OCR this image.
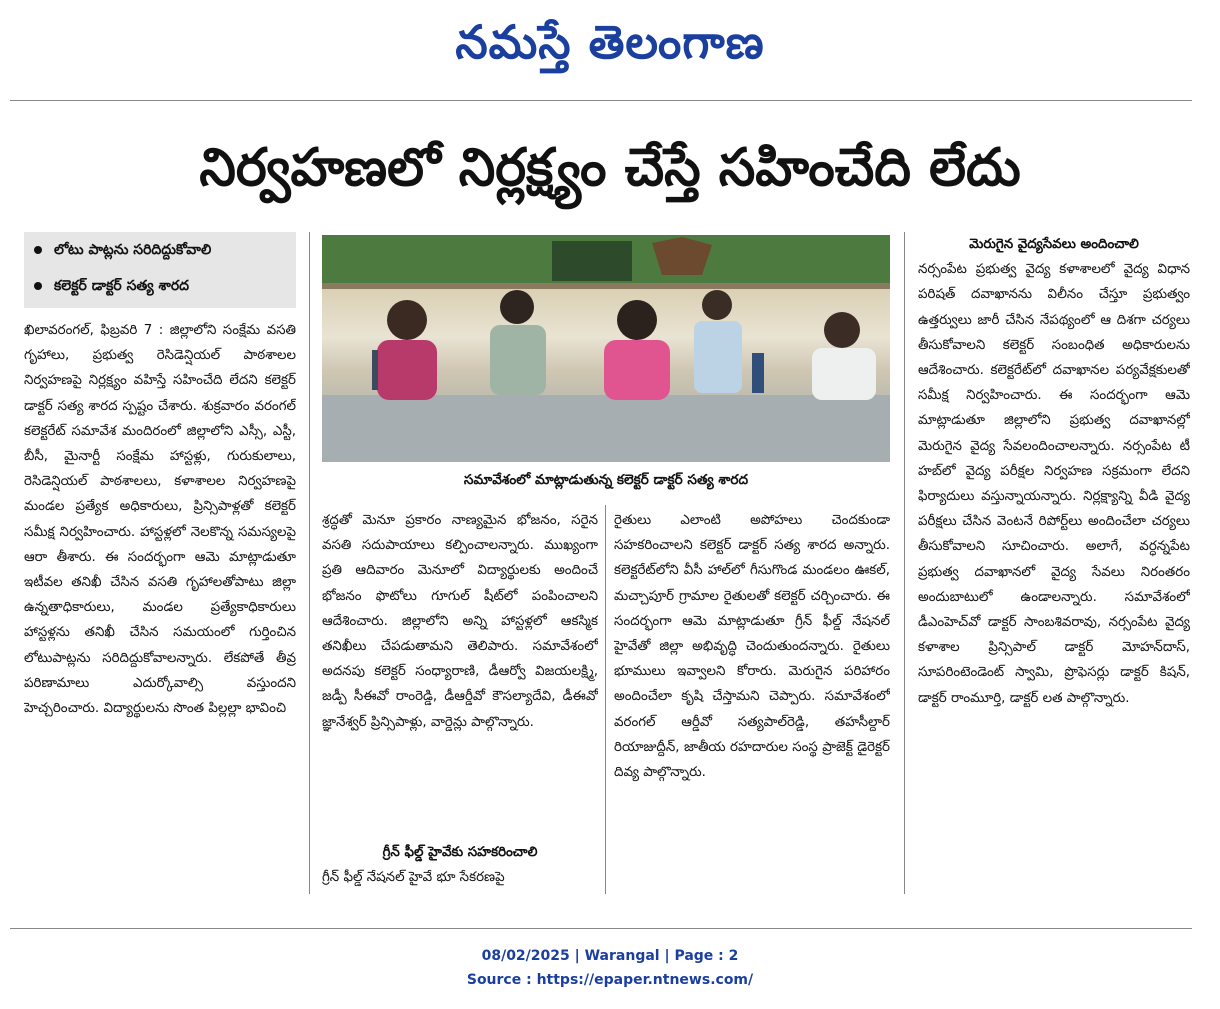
నమస్తే తెలంగాణ
నిర్వహణలో నిర్లక్ష్యం చేస్తే సహించేది లేదు
లోటు పాట్లను సరిదిద్దుకోవాలి
కలెక్టర్ డాక్టర్ సత్య శారద

ఖిలావరంగల్, ఫిబ్రవరి 7 : జిల్లాలోని సంక్షేమ వసతి గృహాలు, ప్రభుత్వ రెసిడెన్షియల్ పాఠశాలల నిర్వహణపై నిర్లక్ష్యం వహిస్తే సహించేది లేదని కలెక్టర్ డాక్టర్ సత్య శారద స్పష్టం చేశారు. శుక్రవారం వరంగల్ కలెక్టరేట్ సమావేశ మందిరంలో జిల్లాలోని ఎస్సీ, ఎస్టీ, బీసీ, మైనార్టీ సంక్షేమ హాస్టళ్లు, గురుకులాలు, రెసిడెన్షియల్ పాఠశాలలు, కళాశాలల నిర్వహణపై మండల ప్రత్యేక అధికారులు, ప్రిన్సిపాళ్లతో కలెక్టర్ సమీక్ష నిర్వహించారు. హాస్టళ్లలో నెలకొన్న సమస్యలపై ఆరా తీశారు. ఈ సందర్భంగా ఆమె మాట్లాడుతూ ఇటీవల తనిఖీ చేసిన వసతి గృహాలతోపాటు జిల్లా ఉన్నతాధికారులు, మండల ప్రత్యేకాధికారులు హాస్టళ్లను తనిఖీ చేసిన సమయంలో గుర్తించిన లోటుపాట్లను సరిదిద్దుకోవాలన్నారు. లేకపోతే తీవ్ర పరిణామాలు ఎదుర్కోవాల్సి వస్తుందని హెచ్చరించారు. విద్యార్థులను సొంత పిల్లల్లా భావించి

సమావేశంలో మాట్లాడుతున్న కలెక్టర్ డాక్టర్ సత్య శారద

శ్రద్ధతో మెనూ ప్రకారం నాణ్యమైన భోజనం, సరైన వసతి సదుపాయాలు కల్పించాలన్నారు. ముఖ్యంగా ప్రతి ఆదివారం మెనూలో విద్యార్థులకు అందించే భోజనం ఫొటోలు గూగుల్ షీట్‌లో పంపించాలని ఆదేశించారు. జిల్లాలోని అన్ని హాస్టళ్లలో ఆకస్మిక తనిఖీలు చేపడుతామని తెలిపారు. సమావేశంలో అదనపు కలెక్టర్ సంధ్యారాణి, డీఆర్వో విజయలక్ష్మి, జడ్పీ సీఈవో రాంరెడ్డి, డీఆర్డీవో కౌసల్యాదేవి, డీఈవో జ్ఞానేశ్వర్ ప్రిన్సిపాళ్లు, వార్డెన్లు పాల్గొన్నారు.

గ్రీన్ ఫీల్డ్ హైవేకు సహకరించాలి

గ్రీన్ ఫీల్డ్ నేషనల్ హైవే భూ సేకరణపై

రైతులు ఎలాంటి అపోహలు చెందకుండా సహకరించాలని కలెక్టర్ డాక్టర్ సత్య శారద అన్నారు. కలెక్టరేట్‌లోని వీసీ హాల్‌లో గీసుగొండ మండలం ఊకల్, మచ్చాపూర్ గ్రామాల రైతులతో కలెక్టర్ చర్చించారు. ఈ సందర్భంగా ఆమె మాట్లాడుతూ గ్రీన్ ఫీల్డ్ నేషనల్ హైవేతో జిల్లా అభివృద్ధి చెందుతుందన్నారు. రైతులు భూములు ఇవ్వాలని కోరారు. మెరుగైన పరిహారం అందించేలా కృషి చేస్తామని చెప్పారు. సమావేశంలో వరంగల్ ఆర్డీవో సత్యపాల్‌రెడ్డి, తహసీల్దార్ రియాజుద్దీన్, జాతీయ రహదారుల సంస్థ ప్రాజెక్ట్ డైరెక్టర్ దివ్య పాల్గొన్నారు.

మెరుగైన వైద్యసేవలు అందించాలి

నర్సంపేట ప్రభుత్వ వైద్య కళాశాలలో వైద్య విధాన పరిషత్ దవాఖానను విలీనం చేస్తూ ప్రభుత్వం ఉత్తర్వులు జారీ చేసిన నేపథ్యంలో ఆ దిశగా చర్యలు తీసుకోవాలని కలెక్టర్ సంబంధిత అధికారులను ఆదేశించారు. కలెక్టరేట్‌లో దవాఖానల పర్యవేక్షకులతో సమీక్ష నిర్వహించారు. ఈ సందర్భంగా ఆమె మాట్లాడుతూ జిల్లాలోని ప్రభుత్వ దవాఖానల్లో మెరుగైన వైద్య సేవలందించాలన్నారు. నర్సంపేట టీ హబ్‌లో వైద్య పరీక్షల నిర్వహణ సక్రమంగా లేదని ఫిర్యాదులు వస్తున్నాయన్నారు. నిర్లక్ష్యాన్ని వీడి వైద్య పరీక్షలు చేసిన వెంటనే రిపోర్ట్‌లు అందించేలా చర్యలు తీసుకోవాలని సూచించారు. అలాగే, వర్ధన్నపేట ప్రభుత్వ దవాఖానలో వైద్య సేవలు నిరంతరం అందుబాటులో ఉండాలన్నారు. సమావేశంలో డీఎంహెచ్‌వో డాక్టర్ సాంబశివరావు, నర్సంపేట వైద్య కళాశాల ప్రిన్సిపాల్ డాక్టర్ మోహన్‌దాస్, సూపరింటెండెంట్ స్వామి, ప్రొఫెసర్లు డాక్టర్ కిషన్, డాక్టర్ రాంమూర్తి, డాక్టర్ లత పాల్గొన్నారు.

08/02/2025 | Warangal | Page : 2
Source : https://epaper.ntnews.com/
